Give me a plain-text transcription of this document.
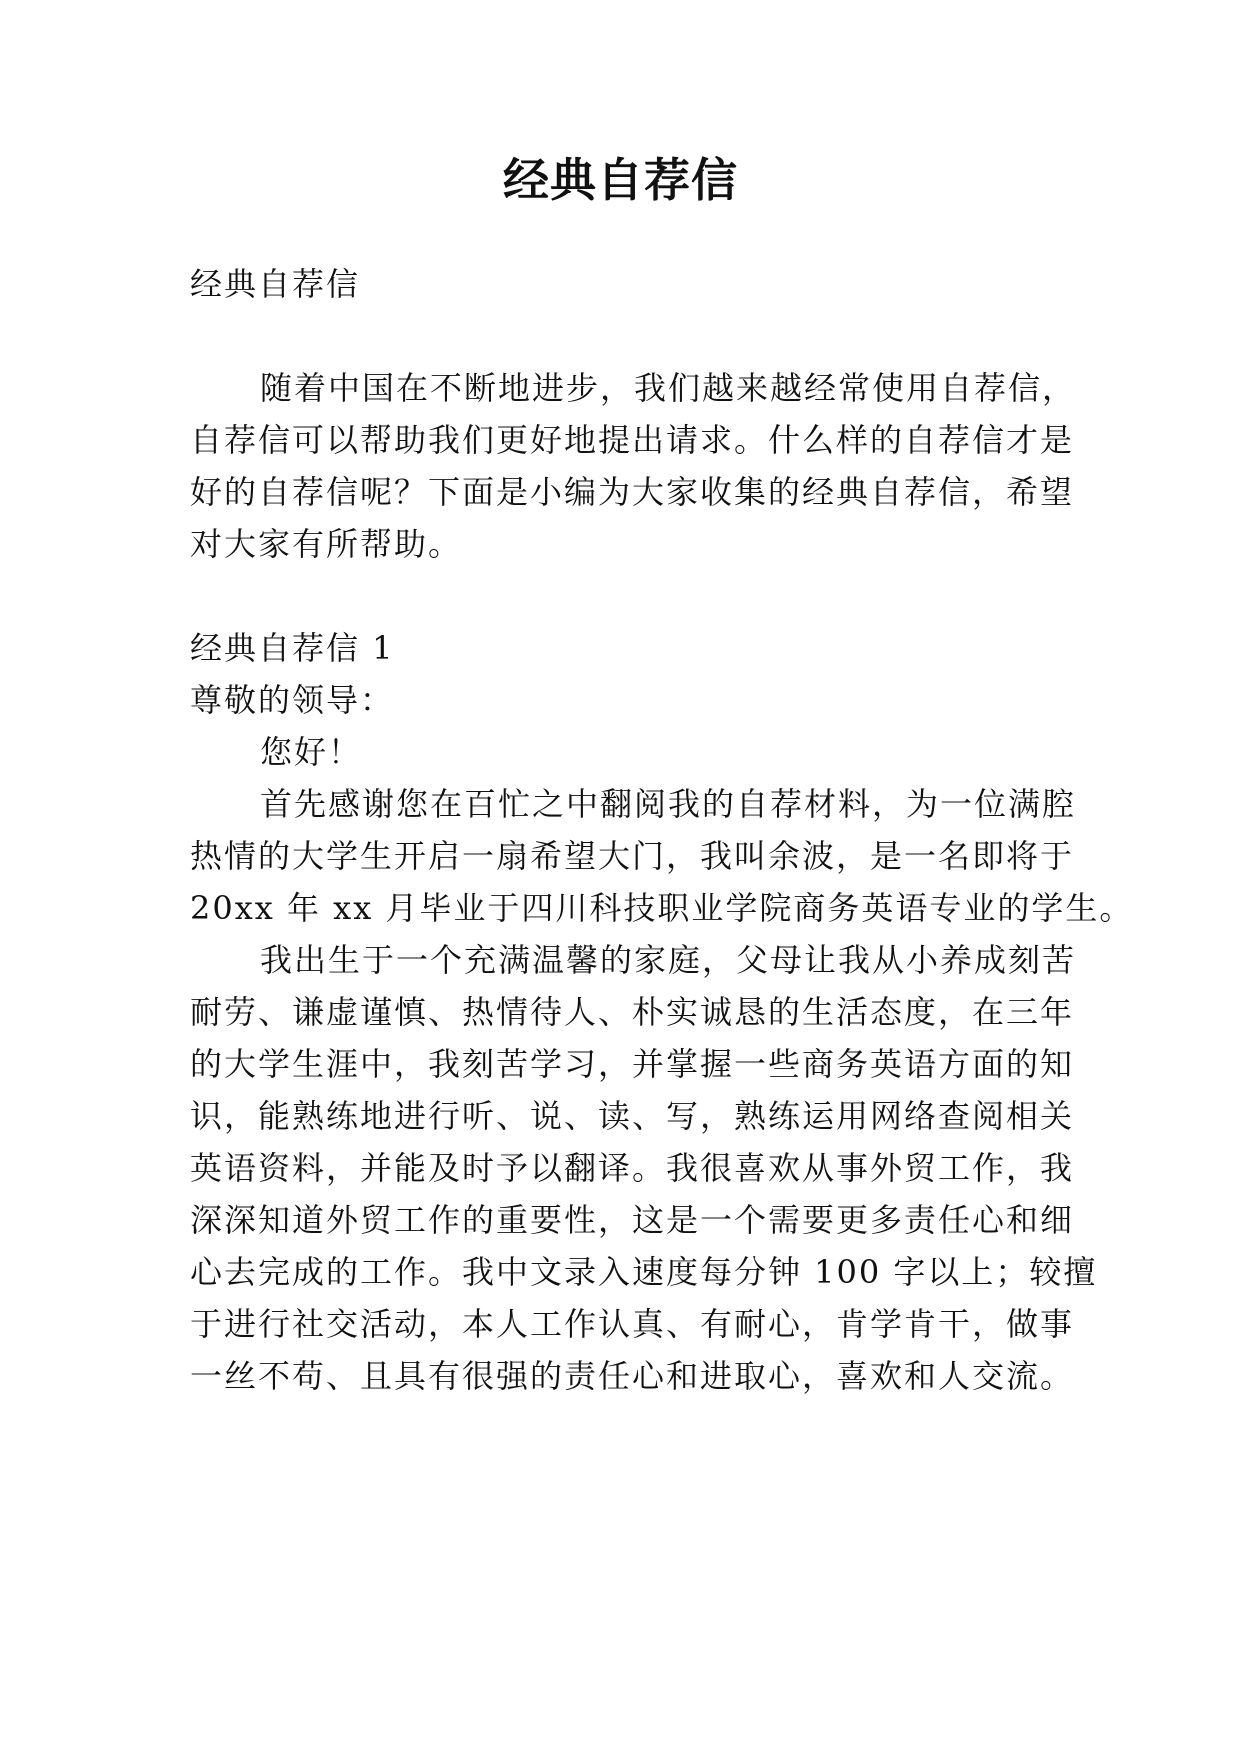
经典自荐信
经典自荐信
随着中国在不断地进步，我们越来越经常使用自荐信，
自荐信可以帮助我们更好地提出请求。什么样的自荐信才是
好的自荐信呢？下面是小编为大家收集的经典自荐信，希望
对大家有所帮助。
经典自荐信 1
尊敬的领导：
您好！
首先感谢您在百忙之中翻阅我的自荐材料，为一位满腔
热情的大学生开启一扇希望大门，我叫余波，是一名即将于
20xx 年 xx 月毕业于四川科技职业学院商务英语专业的学生。
我出生于一个充满温馨的家庭，父母让我从小养成刻苦
耐劳、谦虚谨慎、热情待人、朴实诚恳的生活态度，在三年
的大学生涯中，我刻苦学习，并掌握一些商务英语方面的知
识，能熟练地进行听、说、读、写，熟练运用网络查阅相关
英语资料，并能及时予以翻译。我很喜欢从事外贸工作，我
深深知道外贸工作的重要性，这是一个需要更多责任心和细
心去完成的工作。我中文录入速度每分钟 100 字以上；较擅
于进行社交活动，本人工作认真、有耐心，肯学肯干，做事
一丝不苟、且具有很强的责任心和进取心，喜欢和人交流。
